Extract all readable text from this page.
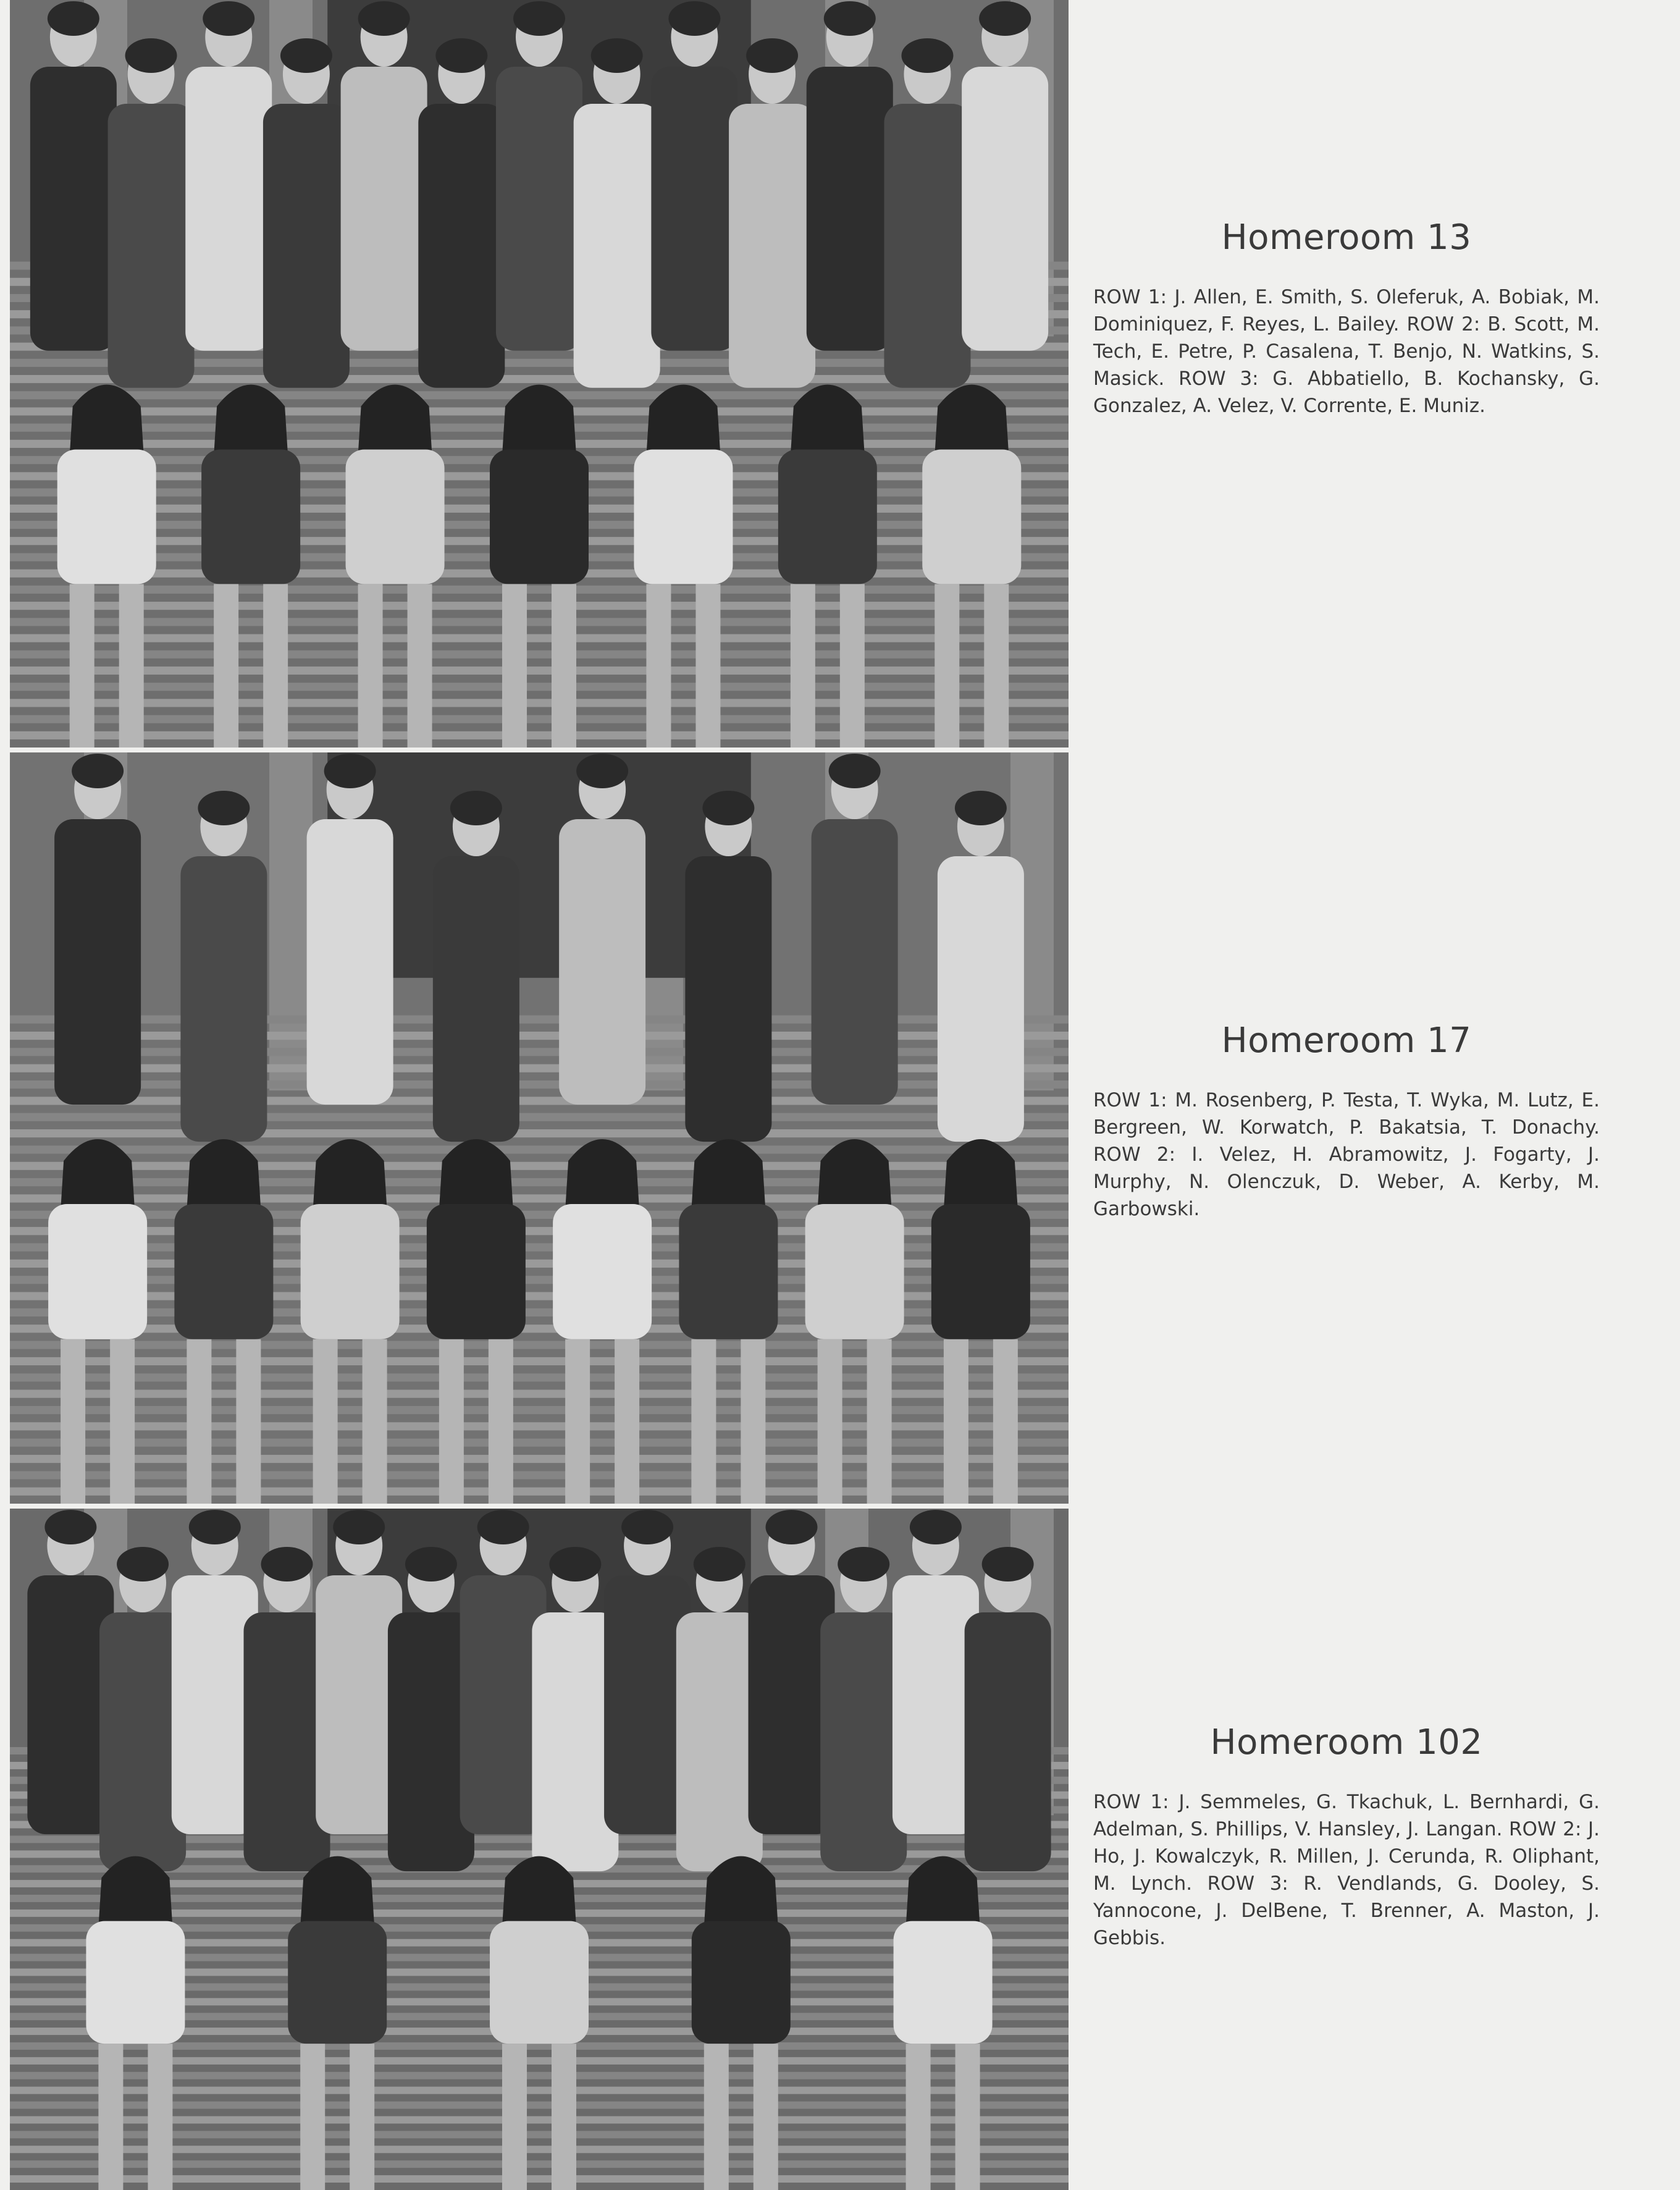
Homeroom 13

ROW 1: J. Allen, E. Smith, S. Oleferuk, A. Bobiak, M. Dominiquez, F. Reyes, L. Bailey. ROW 2: B. Scott, M. Tech, E. Petre, P. Casalena, T. Benjo, N. Watkins, S. Masick. ROW 3: G. Abbatiello, B. Kochansky, G. Gonzalez, A. Velez, V. Corrente, E. Muniz.

Homeroom 17

ROW 1: M. Rosenberg, P. Testa, T. Wyka, M. Lutz, E. Bergreen, W. Korwatch, P. Bakatsia, T. Donachy. ROW 2: I. Velez, H. Abramowitz, J. Fogarty, J. Murphy, N. Olenczuk, D. Weber, A. Kerby, M. Garbowski.

Homeroom 102

ROW 1: J. Semmeles, G. Tkachuk, L. Bernhardi, G. Adelman, S. Phillips, V. Hansley, J. Langan. ROW 2: J. Ho, J. Kowalczyk, R. Millen, J. Cerunda, R. Oliphant, M. Lynch. ROW 3: R. Vendlands, G. Dooley, S. Yannocone, J. DelBene, T. Brenner, A. Maston, J. Gebbis.
